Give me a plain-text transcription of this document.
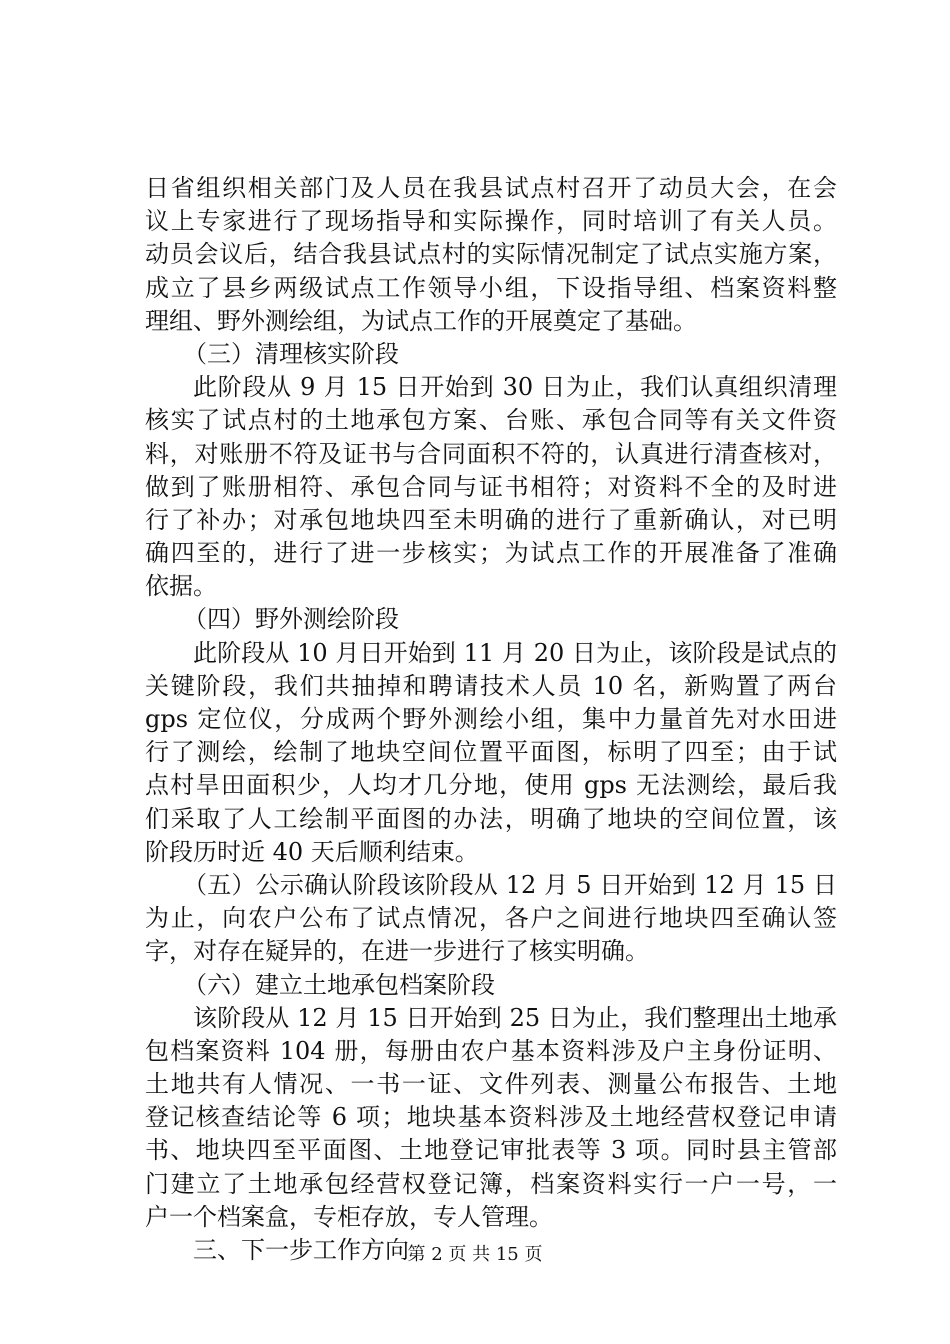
日省组织相关部门及人员在我县试点村召开了动员大会，在会
议上专家进行了现场指导和实际操作，同时培训了有关人员。
动员会议后，结合我县试点村的实际情况制定了试点实施方案，
成立了县乡两级试点工作领导小组，下设指导组、档案资料整
理组、野外测绘组，为试点工作的开展奠定了基础。
（三）清理核实阶段
此阶段从 9 月 15 日开始到 30 日为止，我们认真组织清理
核实了试点村的土地承包方案、台账、承包合同等有关文件资
料，对账册不符及证书与合同面积不符的，认真进行清查核对，
做到了账册相符、承包合同与证书相符；对资料不全的及时进
行了补办；对承包地块四至未明确的进行了重新确认，对已明
确四至的，进行了进一步核实；为试点工作的开展准备了准确
依据。
（四）野外测绘阶段
此阶段从 10 月日开始到 11 月 20 日为止，该阶段是试点的
关键阶段，我们共抽掉和聘请技术人员 10 名，新购置了两台
gps 定位仪，分成两个野外测绘小组，集中力量首先对水田进
行了测绘，绘制了地块空间位置平面图，标明了四至；由于试
点村旱田面积少，人均才几分地，使用 gps 无法测绘，最后我
们采取了人工绘制平面图的办法，明确了地块的空间位置，该
阶段历时近 40 天后顺利结束。
（五）公示确认阶段该阶段从 12 月 5 日开始到 12 月 15 日
为止，向农户公布了试点情况，各户之间进行地块四至确认签
字，对存在疑异的，在进一步进行了核实明确。
（六）建立土地承包档案阶段
该阶段从 12 月 15 日开始到 25 日为止，我们整理出土地承
包档案资料 104 册，每册由农户基本资料涉及户主身份证明、
土地共有人情况、一书一证、文件列表、测量公布报告、土地
登记核查结论等 6 项；地块基本资料涉及土地经营权登记申请
书、地块四至平面图、土地登记审批表等 3 项。同时县主管部
门建立了土地承包经营权登记簿，档案资料实行一户一号，一
户一个档案盒，专柜存放，专人管理。
三、下一步工作方向
第 2 页 共 15 页
